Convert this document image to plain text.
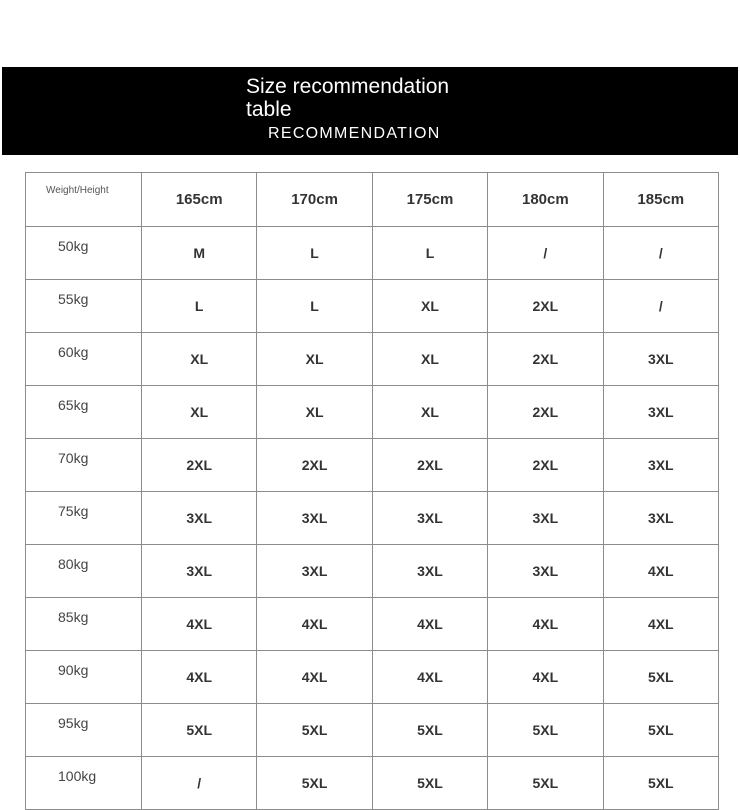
Size recommendation table
RECOMMENDATION
Weight/Height	165cm	170cm	175cm	180cm	185cm
50kg	M	L	L	/	/
55kg	L	L	XL	2XL	/
60kg	XL	XL	XL	2XL	3XL
65kg	XL	XL	XL	2XL	3XL
70kg	2XL	2XL	2XL	2XL	3XL
75kg	3XL	3XL	3XL	3XL	3XL
80kg	3XL	3XL	3XL	3XL	4XL
85kg	4XL	4XL	4XL	4XL	4XL
90kg	4XL	4XL	4XL	4XL	5XL
95kg	5XL	5XL	5XL	5XL	5XL
100kg	/	5XL	5XL	5XL	5XL
